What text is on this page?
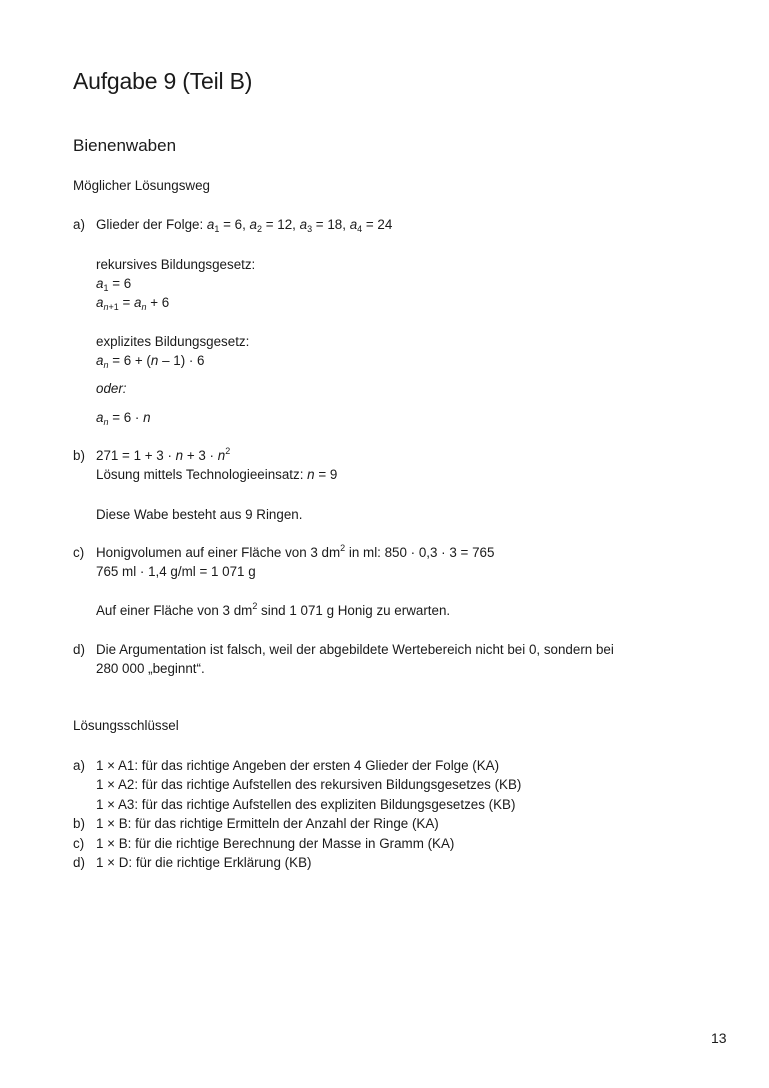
Aufgabe 9 (Teil B)
Bienenwaben
Möglicher Lösungsweg
a) Glieder der Folge: $a_1 = 6$, $a_2 = 12$, $a_3 = 18$, $a_4 = 24$
rekursives Bildungsgesetz:
$a_1 = 6$
$a_{n+1} = a_n + 6$
explizites Bildungsgesetz:
$a_n = 6 + (n - 1) \cdot 6$
oder:
$a_n = 6 \cdot n$
b) $271 = 1 + 3 \cdot n + 3 \cdot n^2$
Lösung mittels Technologieeinsatz: n = 9
Diese Wabe besteht aus 9 Ringen.
c) Honigvolumen auf einer Fläche von 3 $dm^2$ in ml: 850 · 0,3 · 3 = 765
765 ml · 1,4 g/ml = 1 071 g
Auf einer Fläche von 3 $dm^2$ sind 1 071 g Honig zu erwarten.
d) Die Argumentation ist falsch, weil der abgebildete Wertebereich nicht bei 0, sondern bei
280 000 „beginnt“.
Lösungsschlüssel
a) 1 × A1: für das richtige Angeben der ersten 4 Glieder der Folge (KA)
1 × A2: für das richtige Aufstellen des rekursiven Bildungsgesetzes (KB)
1 × A3: für das richtige Aufstellen des expliziten Bildungsgesetzes (KB)
b) 1 × B: für das richtige Ermitteln der Anzahl der Ringe (KA)
c) 1 × B: für die richtige Berechnung der Masse in Gramm (KA)
d) 1 × D: für die richtige Erklärung (KB)
13
